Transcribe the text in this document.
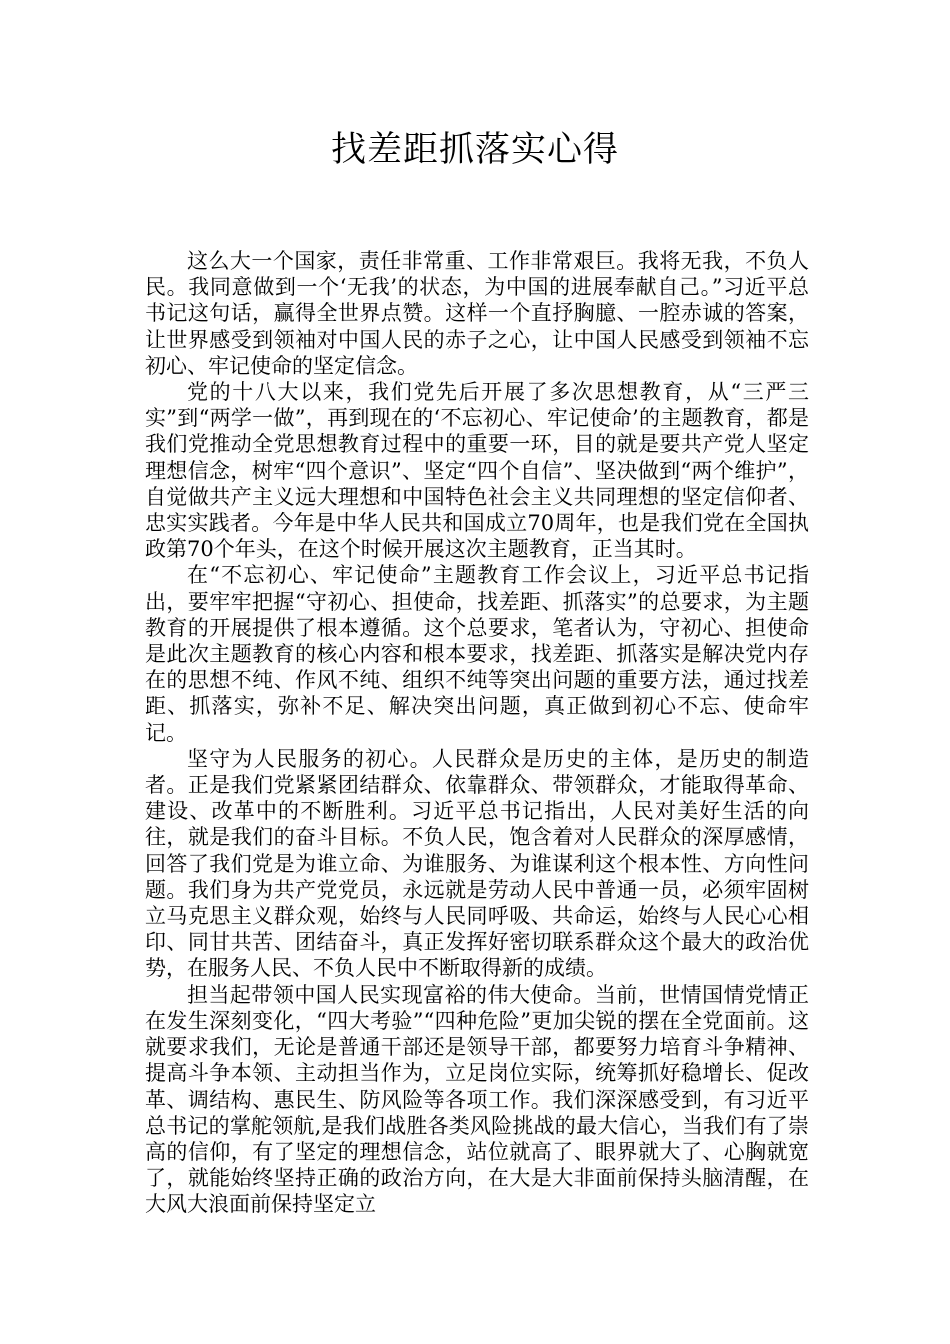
找差距抓落实心得

这么大一个国家，责任非常重、工作非常艰巨。我将无我，不负人民。我同意做到一个‘无我’的状态，为中国的进展奉献自己。”习近平总书记这句话，赢得全世界点赞。这样一个直抒胸臆、一腔赤诚的答案，让世界感受到领袖对中国人民的赤子之心，让中国人民感受到领袖不忘初心、牢记使命的坚定信念。

党的十八大以来，我们党先后开展了多次思想教育，从“三严三实”到“两学一做”，再到现在的‘不忘初心、牢记使命’的主题教育，都是我们党推动全党思想教育过程中的重要一环，目的就是要共产党人坚定理想信念，树牢“四个意识”、坚定“四个自信”、坚决做到“两个维护”，自觉做共产主义远大理想和中国特色社会主义共同理想的坚定信仰者、忠实实践者。今年是中华人民共和国成立70周年，也是我们党在全国执政第70个年头，在这个时候开展这次主题教育，正当其时。

在“不忘初心、牢记使命”主题教育工作会议上，习近平总书记指出，要牢牢把握“守初心、担使命，找差距、抓落实”的总要求，为主题教育的开展提供了根本遵循。这个总要求，笔者认为，守初心、担使命是此次主题教育的核心内容和根本要求，找差距、抓落实是解决党内存在的思想不纯、作风不纯、组织不纯等突出问题的重要方法，通过找差距、抓落实，弥补不足、解决突出问题，真正做到初心不忘、使命牢记。

坚守为人民服务的初心。人民群众是历史的主体，是历史的制造者。正是我们党紧紧团结群众、依靠群众、带领群众，才能取得革命、建设、改革中的不断胜利。习近平总书记指出，人民对美好生活的向往，就是我们的奋斗目标。不负人民，饱含着对人民群众的深厚感情，回答了我们党是为谁立命、为谁服务、为谁谋利这个根本性、方向性问题。我们身为共产党党员，永远就是劳动人民中普通一员，必须牢固树立马克思主义群众观，始终与人民同呼吸、共命运，始终与人民心心相印、同甘共苦、团结奋斗，真正发挥好密切联系群众这个最大的政治优势，在服务人民、不负人民中不断取得新的成绩。

担当起带领中国人民实现富裕的伟大使命。当前，世情国情党情正在发生深刻变化，“四大考验”“四种危险”更加尖锐的摆在全党面前。这就要求我们，无论是普通干部还是领导干部，都要努力培育斗争精神、提高斗争本领、主动担当作为，立足岗位实际，统筹抓好稳增长、促改革、调结构、惠民生、防风险等各项工作。我们深深感受到，有习近平总书记的掌舵领航,是我们战胜各类风险挑战的最大信心，当我们有了崇高的信仰，有了坚定的理想信念，站位就高了、眼界就大了、心胸就宽了，就能始终坚持正确的政治方向，在大是大非面前保持头脑清醒，在大风大浪面前保持坚定立
